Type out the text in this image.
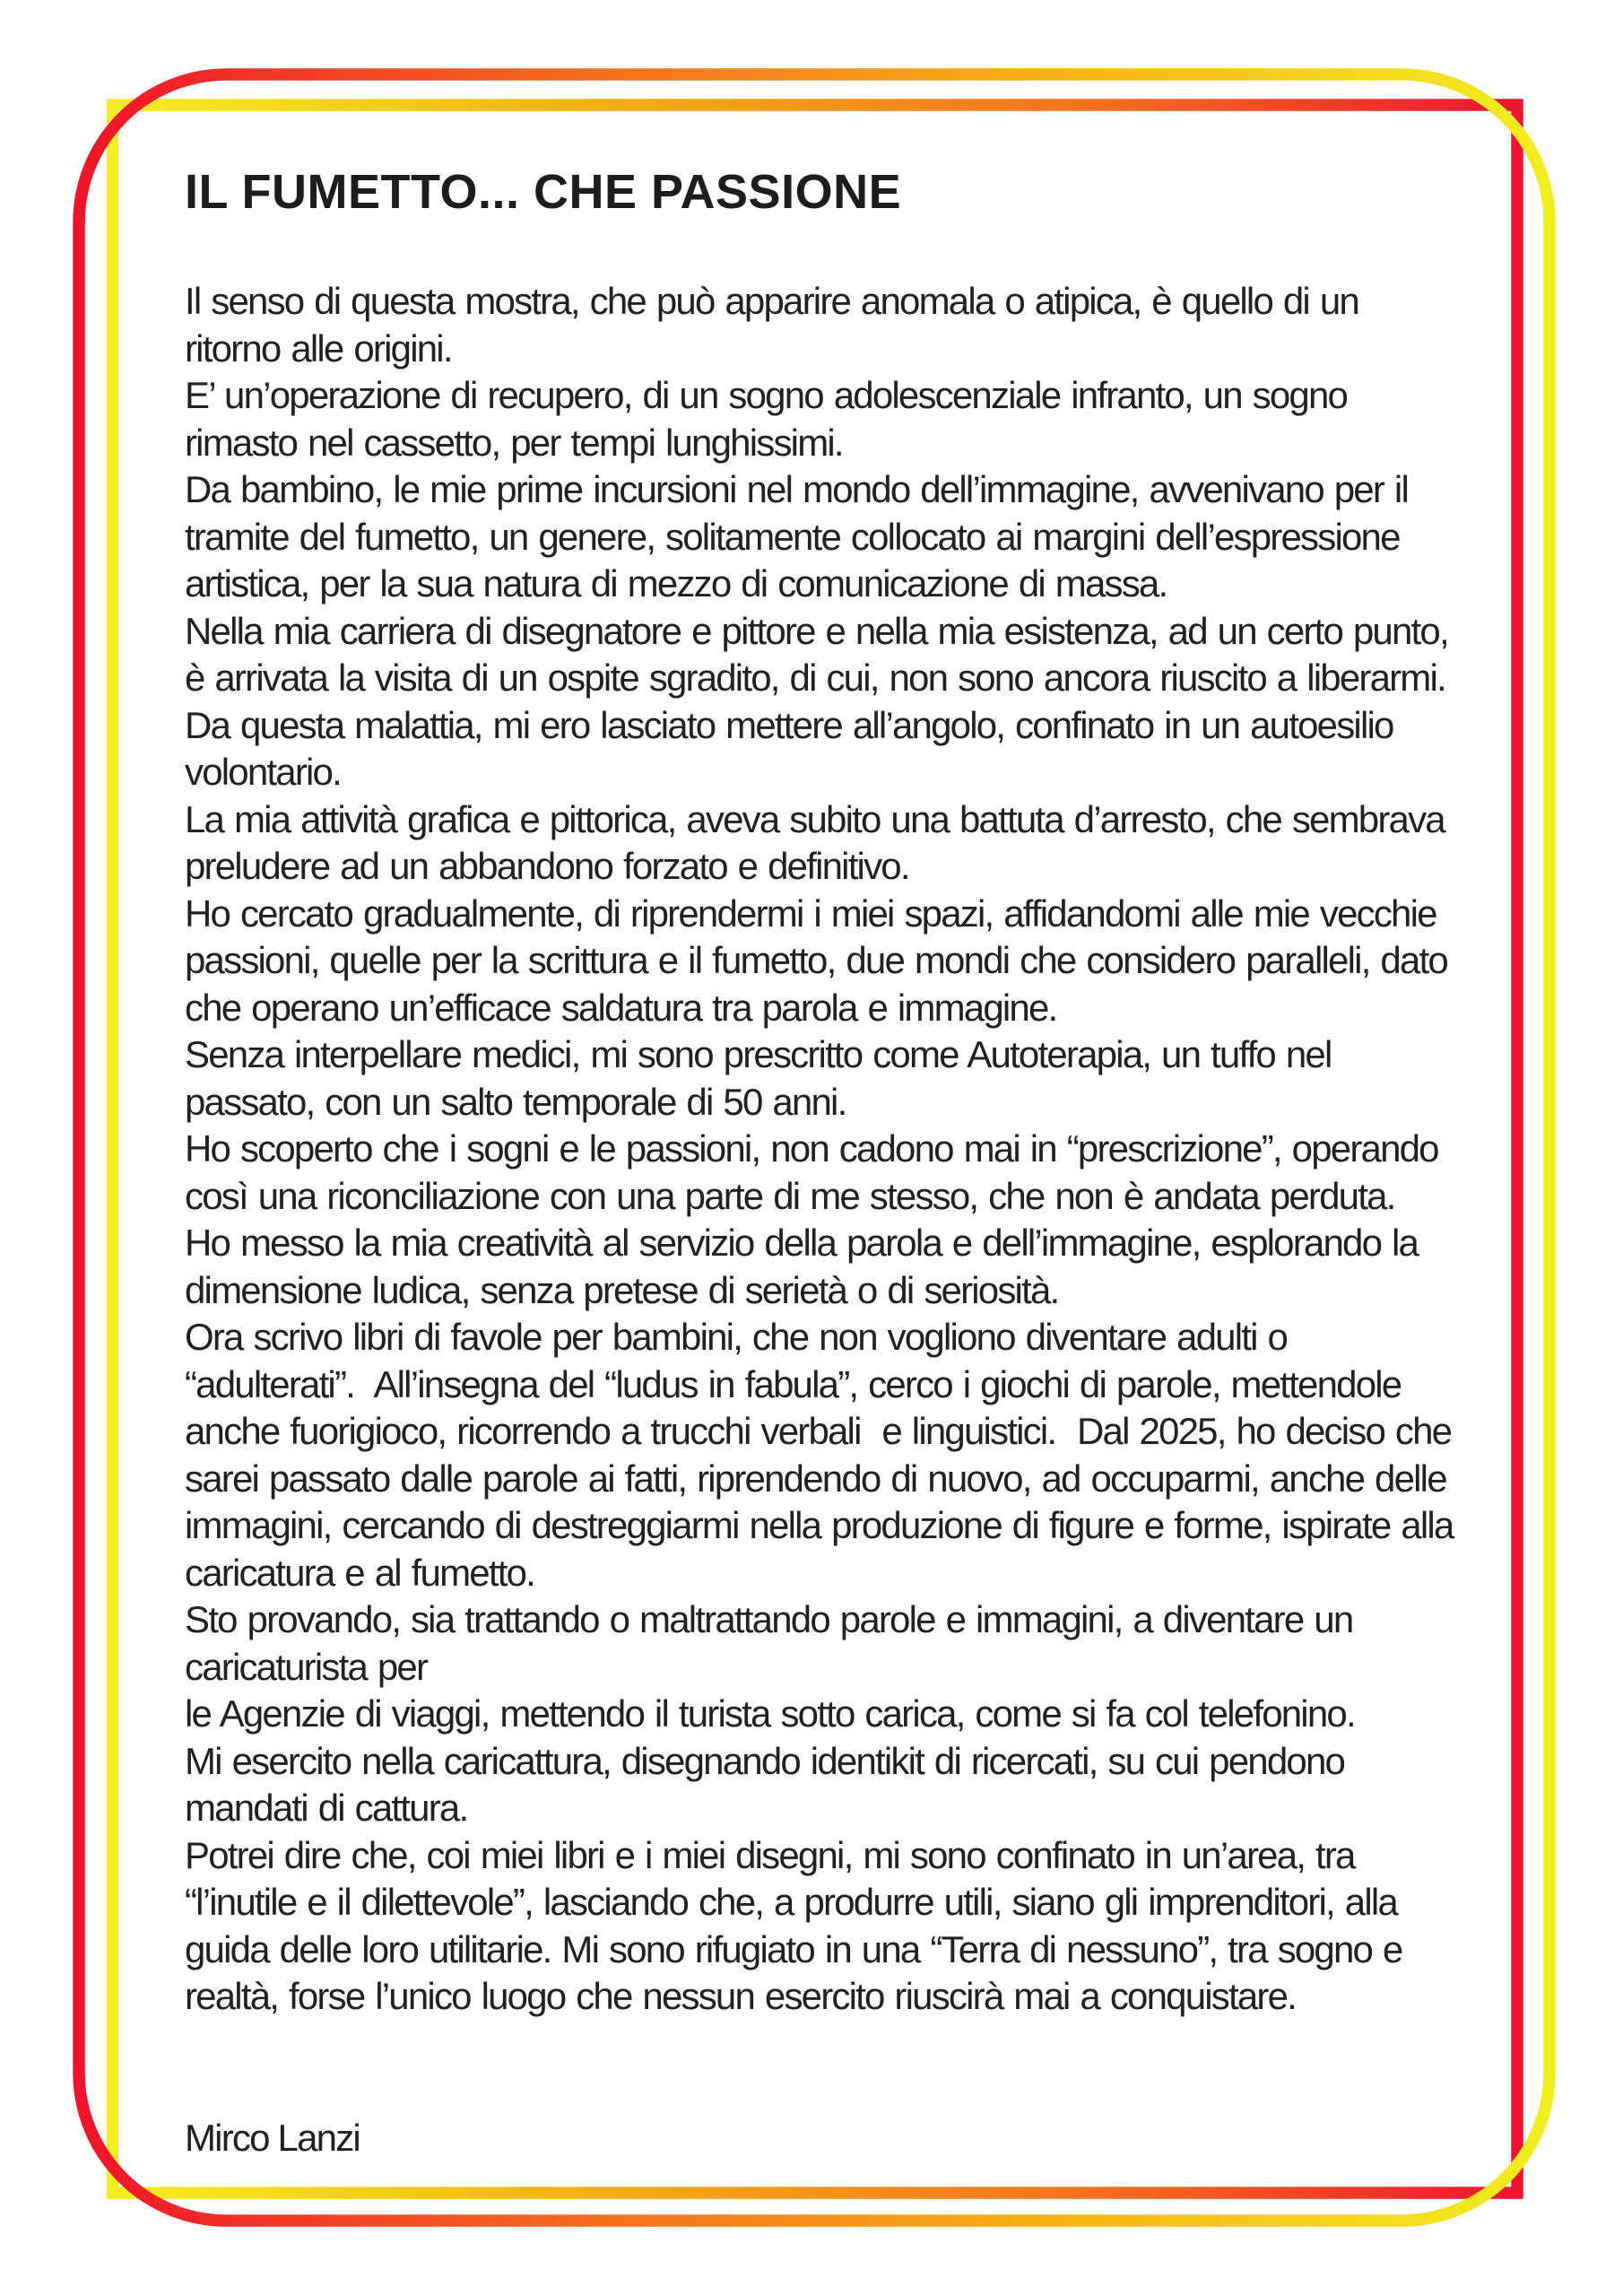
IL FUMETTO... CHE PASSIONE

Il senso di questa mostra, che può apparire anomala o atipica, è quello di un ritorno alle origini.

E’ un’operazione di recupero, di un sogno adolescenziale infranto, un sogno rimasto nel cassetto, per tempi lunghissimi.

Da bambino, le mie prime incursioni nel mondo dell’immagine, avvenivano per il tramite del fumetto, un genere, solitamente collocato ai margini dell’espressione artistica, per la sua natura di mezzo di comunicazione di massa.

Nella mia carriera di disegnatore e pittore e nella mia esistenza, ad un certo punto, è arrivata la visita di un ospite sgradito, di cui, non sono ancora riuscito a liberarmi.

Da questa malattia, mi ero lasciato mettere all’angolo, confinato in un autoesilio volontario.

La mia attività grafica e pittorica, aveva subito una battuta d’arresto, che sembrava preludere ad un abbandono forzato e definitivo.

Ho cercato gradualmente, di riprendermi i miei spazi, affidandomi alle mie vecchie passioni, quelle per la scrittura e il fumetto, due mondi che considero paralleli, dato che operano un’efficace saldatura tra parola e immagine.

Senza interpellare medici, mi sono prescritto come Autoterapia, un tuffo nel passato, con un salto temporale di 50 anni.

Ho scoperto che i sogni e le passioni, non cadono mai in “prescrizione”, operando così una riconciliazione con una parte di me stesso, che non è andata perduta.

Ho messo la mia creatività al servizio della parola e dell’immagine, esplorando la dimensione ludica, senza pretese di serietà o di seriosità.

Ora scrivo libri di favole per bambini, che non vogliono diventare adulti o “adulterati”.  All’insegna del “ludus in fabula”, cerco i giochi di parole, mettendole anche fuorigioco, ricorrendo a trucchi verbali  e linguistici.  Dal 2025, ho deciso che sarei passato dalle parole ai fatti, riprendendo di nuovo, ad occuparmi, anche delle immagini, cercando di destreggiarmi nella produzione di figure e forme, ispirate alla caricatura e al fumetto.

Sto provando, sia trattando o maltrattando parole e immagini, a diventare un caricaturista per

le Agenzie di viaggi, mettendo il turista sotto carica, come si fa col telefonino.

Mi esercito nella caricattura, disegnando identikit di ricercati, su cui pendono mandati di cattura.

Potrei dire che, coi miei libri e i miei disegni, mi sono confinato in un’area, tra “l’inutile e il dilettevole”, lasciando che, a produrre utili, siano gli imprenditori, alla guida delle loro utilitarie. Mi sono rifugiato in una “Terra di nessuno”, tra sogno e realtà, forse l’unico luogo che nessun esercito riuscirà mai a conquistare.

Mirco Lanzi
